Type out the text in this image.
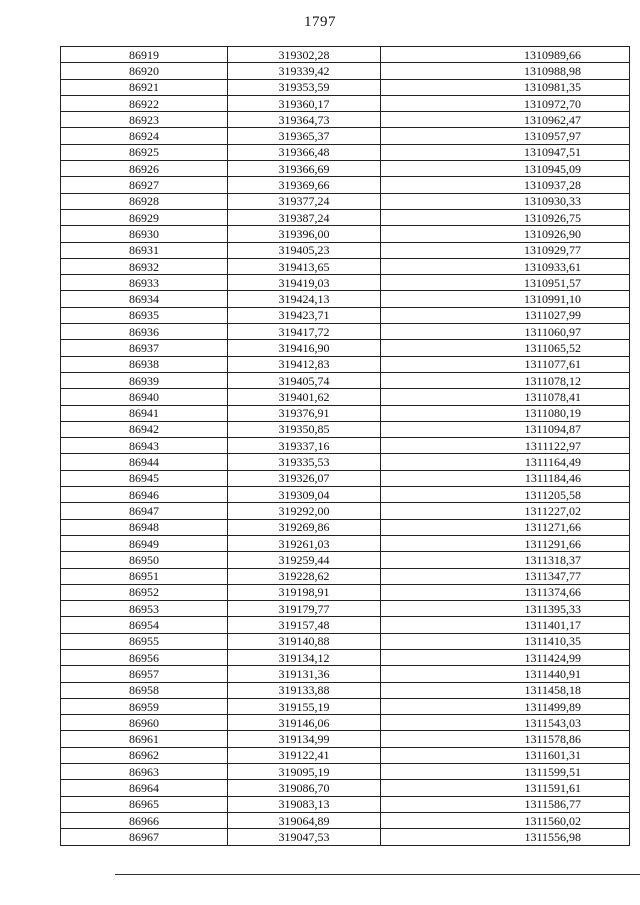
1797
86919	319302,28	1310989,66
86920	319339,42	1310988,98
86921	319353,59	1310981,35
86922	319360,17	1310972,70
86923	319364,73	1310962,47
86924	319365,37	1310957,97
86925	319366,48	1310947,51
86926	319366,69	1310945,09
86927	319369,66	1310937,28
86928	319377,24	1310930,33
86929	319387,24	1310926,75
86930	319396,00	1310926,90
86931	319405,23	1310929,77
86932	319413,65	1310933,61
86933	319419,03	1310951,57
86934	319424,13	1310991,10
86935	319423,71	1311027,99
86936	319417,72	1311060,97
86937	319416,90	1311065,52
86938	319412,83	1311077,61
86939	319405,74	1311078,12
86940	319401,62	1311078,41
86941	319376,91	1311080,19
86942	319350,85	1311094,87
86943	319337,16	1311122,97
86944	319335,53	1311164,49
86945	319326,07	1311184,46
86946	319309,04	1311205,58
86947	319292,00	1311227,02
86948	319269,86	1311271,66
86949	319261,03	1311291,66
86950	319259,44	1311318,37
86951	319228,62	1311347,77
86952	319198,91	1311374,66
86953	319179,77	1311395,33
86954	319157,48	1311401,17
86955	319140,88	1311410,35
86956	319134,12	1311424,99
86957	319131,36	1311440,91
86958	319133,88	1311458,18
86959	319155,19	1311499,89
86960	319146,06	1311543,03
86961	319134,99	1311578,86
86962	319122,41	1311601,31
86963	319095,19	1311599,51
86964	319086,70	1311591,61
86965	319083,13	1311586,77
86966	319064,89	1311560,02
86967	319047,53	1311556,98
